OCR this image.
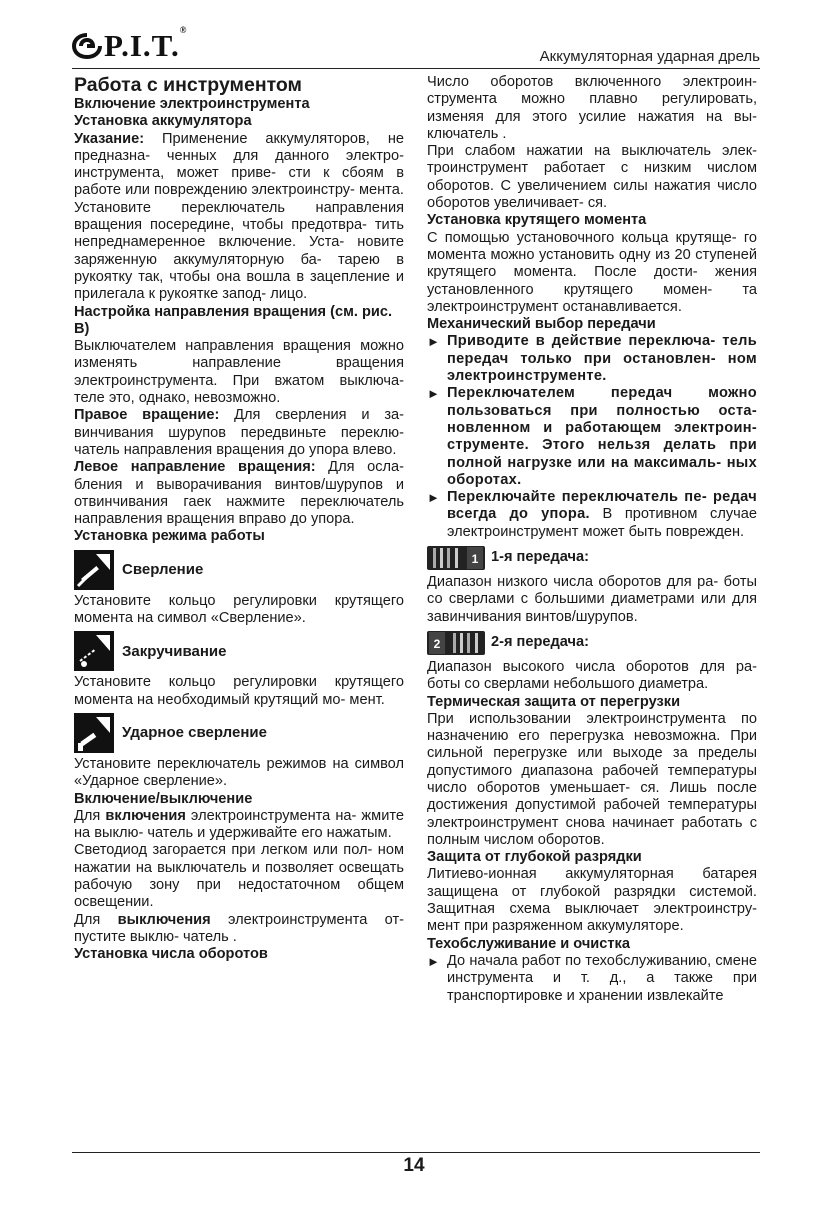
P.I.T.®
Аккумуляторная ударная дрель
Работа с инструментом
Включение электроинструмента
Установка аккумулятора

Указание: Применение аккумуляторов, не предназна- ченных для данного электро- инструмента, может приве- сти к сбоям в работе или повреждению электроинстру- мента.

Установите переключатель направления вращения посередине, чтобы предотвра- тить непреднамеренное включение. Уста- новите заряженную аккумуляторную ба- тарею в рукоятку так, чтобы она вошла в зацепление и прилегала к рукоятке запод- лицо.

Настройка направления вращения (см. рис. B)

Выключателем направления вращения можно изменять направление вращения электроинструмента. При вжатом выключа- теле это, однако, невозможно.

Правое вращение: Для сверления и за- винчивания шурупов передвиньте переклю- чатель направления вращения до упора влево.

Левое направление вращения: Для осла- бления и выворачивания винтов/шурупов и отвинчивания гаек нажмите переключатель направления вращения вправо до упора.

Установка режима работы
Сверление

Установите кольцо регулировки крутящего момента на символ «Сверление».

Закручивание

Установите кольцо регулировки крутящего момента на необходимый крутящий мо- мент.

Ударное сверление

Установите переключатель режимов на символ «Ударное сверление».

Включение/выключение

Для включения электроинструмента на- жмите на выклю- чатель и удерживайте его нажатым.

Светодиод загорается при легком или пол- ном нажатии на выключатель и позволяет освещать рабочую зону при недостаточном общем освещении.

Для выключения электроинструмента от- пустите выклю- чатель .

Установка числа оборотов

Число оборотов включенного электроин- струмента можно плавно регулировать, изменяя для этого усилие нажатия на вы- ключатель .

При слабом нажатии на выключатель элек- троинструмент работает с низким числом оборотов. С увеличением силы нажатия число оборотов увеличивает- ся.

Установка крутящего момента

С помощью установочного кольца крутяще- го момента можно установить одну из 20 ступеней крутящего момента. После дости- жения установленного крутящего момен- та электроинструмент останавливается.

Механический выбор передачи
► Приводите в действие переключа- тель передач только при остановлен- ном электроинструменте.
► Переключателем передач можно пользоваться при полностью оста- новленном и работающем электроин- струменте. Этого нельзя делать при полной нагрузке или на максималь- ных оборотах.
► Переключайте переключатель пе- редач всегда до упора. В противном случае электроинструмент может быть поврежден.
1 1-я передача:

Диапазон низкого числа оборотов для ра- боты со сверлами с большими диаметрами или для завинчивания винтов/шурупов.

2	2-я передача:

Диапазон высокого числа оборотов для ра- боты со сверлами небольшого диаметра.

Термическая защита от перегрузки

При использовании электроинструмента по назначению его перегрузка невозможна. При сильной перегрузке или выходе за пределы допустимого диапазона рабочей температуры число оборотов уменьшает- ся. Лишь после достижения допустимой рабочей температуры электроинструмент снова начинает работать с полным числом оборотов.

Защита от глубокой разрядки

Литиево-ионная аккумуляторная батарея защищена от глубокой разрядки системой. Защитная схема выключает электроинстру- мент при разряженном аккумуляторе.

Техобслуживание и очистка
► До начала работ по техобслуживанию, смене инструмента и т. д., а также при транспортировке и хранении извлекайте
14
